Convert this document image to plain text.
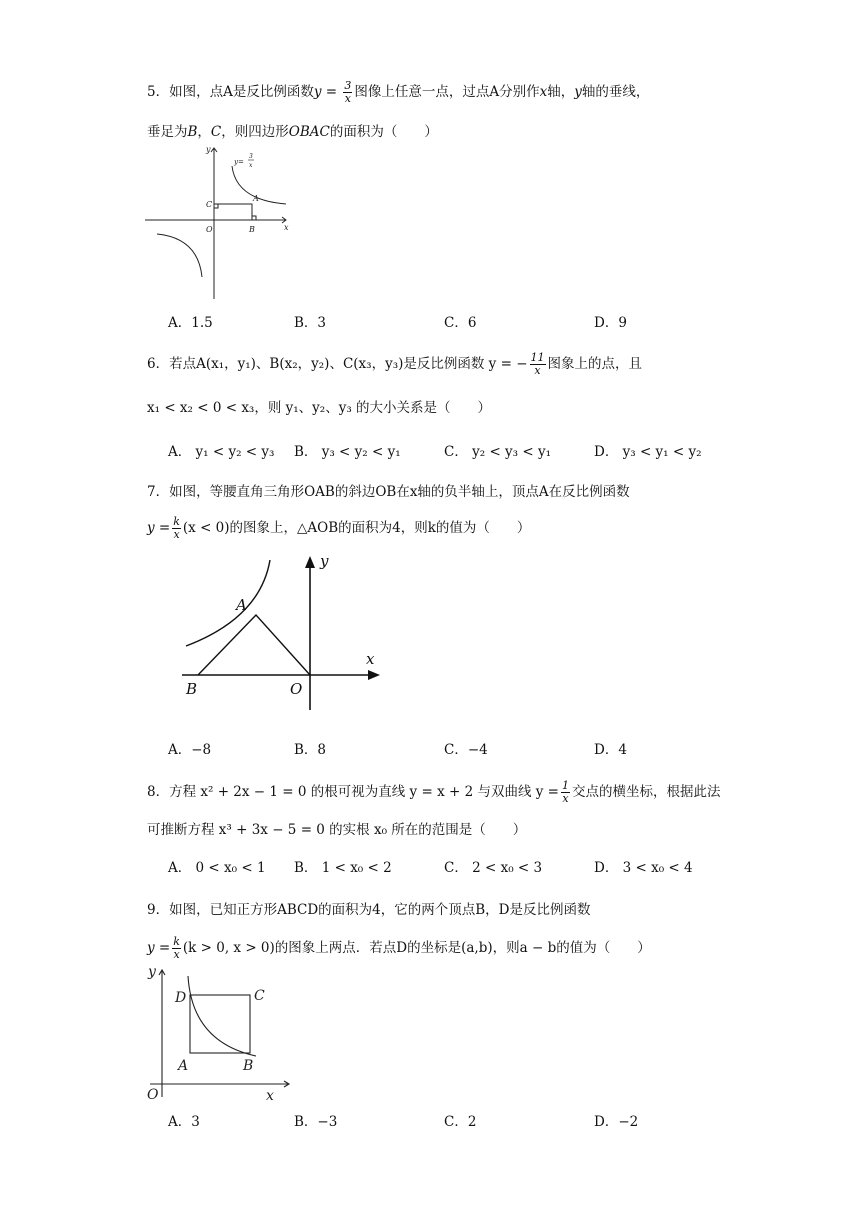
5．如图，点A是反比例函数$y = \frac{3}{x}$ 图像上任意一点，过点A分别作x轴，y轴的垂线，
垂足为B，C，则四边形OBAC的面积为（　　）
y
x
O
A
B
C
y=
3
x
A．1.5	B．3	C．6	D．9
6．若点A(x₁，y₁)、B(x₂，y₂)、C(x₃，y₃)是反比例函数 y = − $\frac{11}{x}$ 图象上的点，且
x₁ < x₂ < 0 < x₃，则 y₁、y₂、y₃ 的大小关系是（　　）
A． y₁ < y₂ < y₃ B． y₃ < y₂ < y₁	C． y₂ < y₃ < y₁	D． y₃ < y₁ < y₂
7．如图，等腰直角三角形OAB的斜边OB在x轴的负半轴上，顶点A在反比例函数
$y = \frac{k}{x} (x < 0)$的图象上，△AOB的面积为4，则k的值为（　　）
y
x
A
B	O
A．−8	B．8	C．−4	D．4
8．方程 x² + 2x − 1 = 0 的根可视为直线 y = x + 2 与双曲线 $y = \frac{1}{x}$ 交点的横坐标，根据此法
可推断方程 x³ + 3x − 5 = 0 的实根 x₀ 所在的范围是（　　）
A． 0 < x₀ < 1 B． 1 < x₀ < 2	C． 2 < x₀ < 3	D． 3 < x₀ < 4
9．如图，已知正方形ABCD的面积为4，它的两个顶点B，D是反比例函数
$y = \frac{k}{x} (k > 0$, x > 0)的图象上两点．若点D的坐标是(a,b)，则a − b的值为（　　）
y
x
O
A	B
C
D
A．3	B．−3	C．2	D．−2
